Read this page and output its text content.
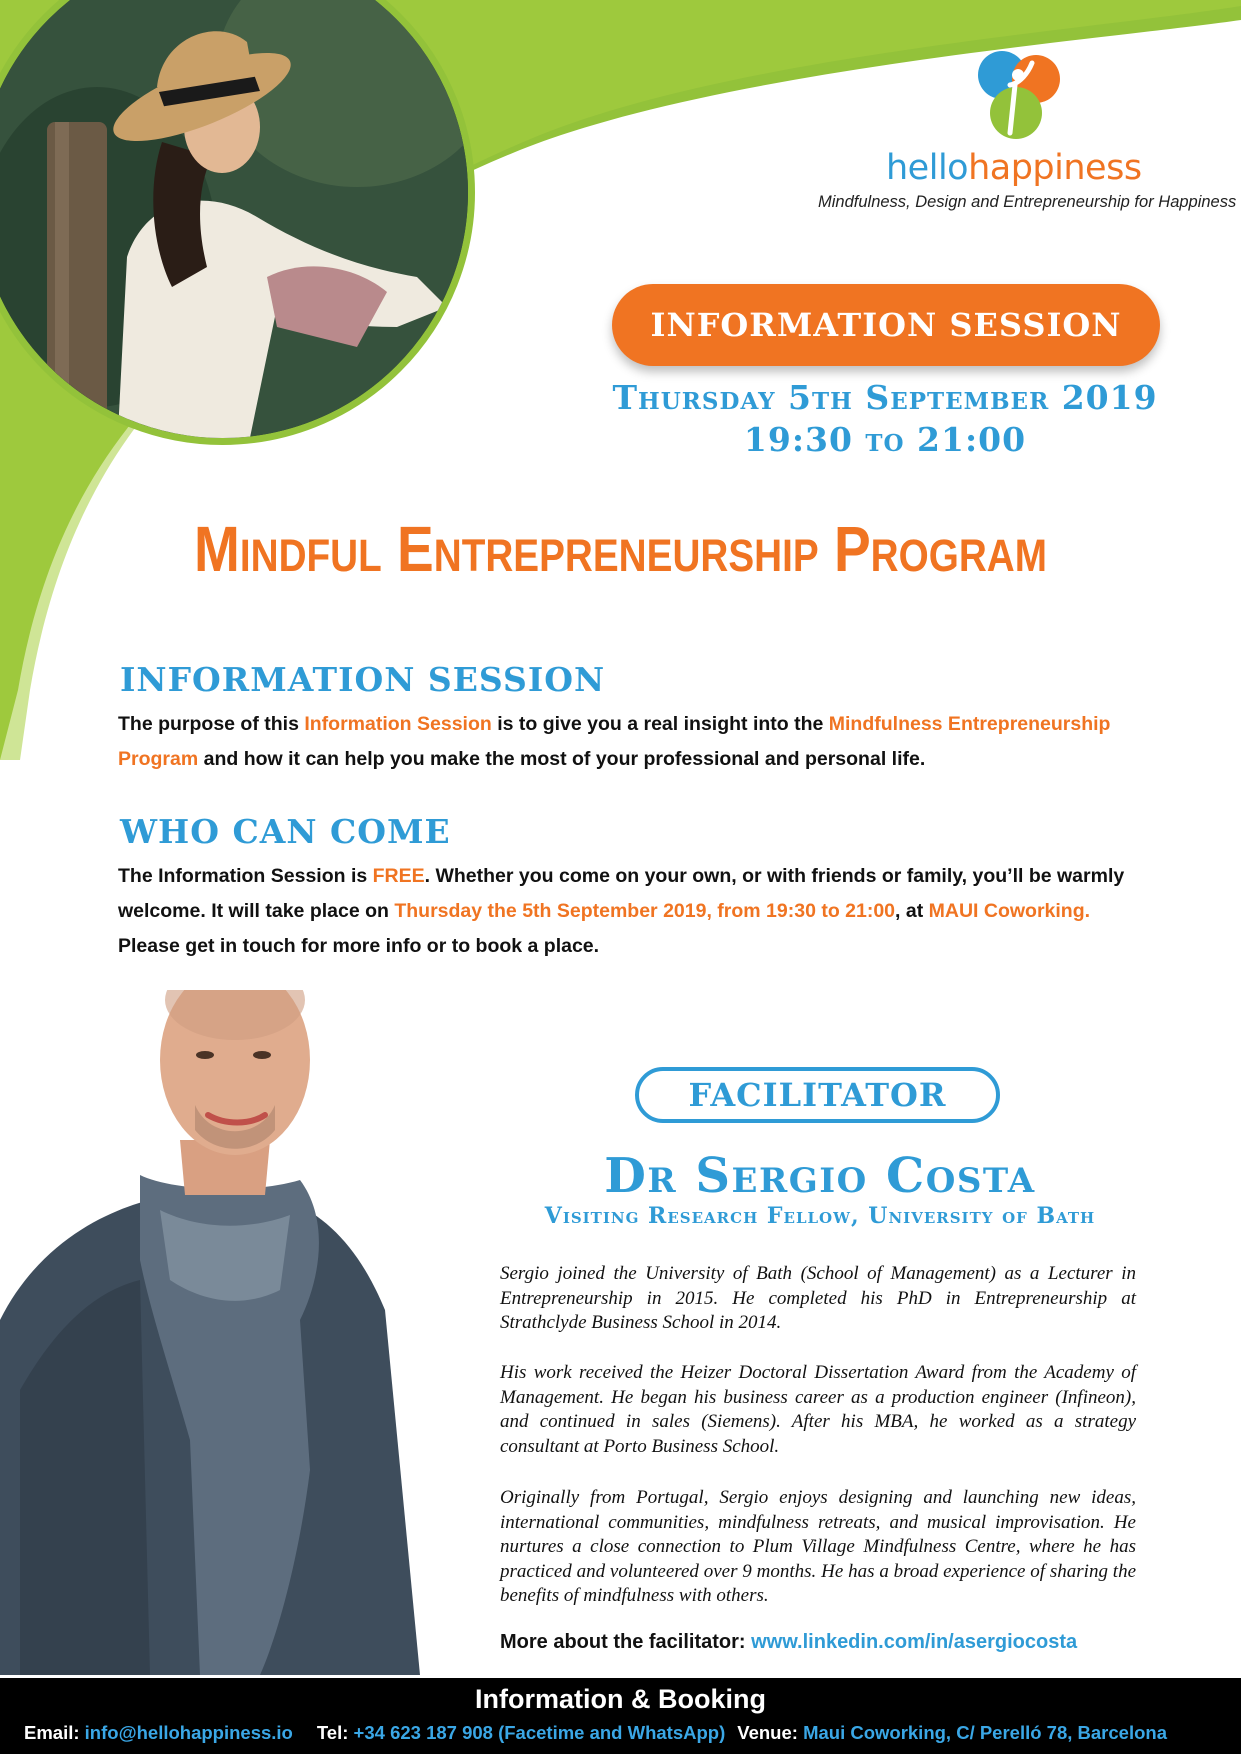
hellohappiness
Mindfulness, Design and Entrepreneurship for Happiness
INFORMATION SESSION
Thursday 5th September 2019
19:30 to 21:00
Mindful Entrepreneurship Program
INFORMATION SESSION
The purpose of this Information Session is to give you a real insight into the Mindfulness Entrepreneurship Program and how it can help you make the most of your professional and personal life.
WHO CAN COME
The Information Session is FREE. Whether you come on your own, or with friends or family, you’ll be warmly welcome. It will take place on Thursday the 5th September 2019, from 19:30 to 21:00, at MAUI Coworking. Please get in touch for more info or to book a place.
FACILITATOR
Dr Sergio Costa
Visiting Research Fellow, University of Bath
Sergio joined the University of Bath (School of Management) as a Lecturer in Entrepreneurship in 2015. He completed his PhD in Entrepreneurship at Strathclyde Business School in 2014.
His work received the Heizer Doctoral Dissertation Award from the Academy of Management. He began his business career as a production engineer (Infineon), and continued in sales (Siemens). After his MBA, he worked as a strategy consultant at Porto Business School.
Originally from Portugal, Sergio enjoys designing and launching new ideas, international communities, mindfulness retreats, and musical improvisation. He nurtures a close connection to Plum Village Mindfulness Centre, where he has practiced and volunteered over 9 months. He has a broad experience of sharing the benefits of mindfulness with others.
More about the facilitator: www.linkedin.com/in/asergiocosta
Information & Booking
Email: info@hellohappiness.io Tel: +34 623 187 908 (Facetime and WhatsApp) Venue: Maui Coworking, C/ Perelló 78, Barcelona
